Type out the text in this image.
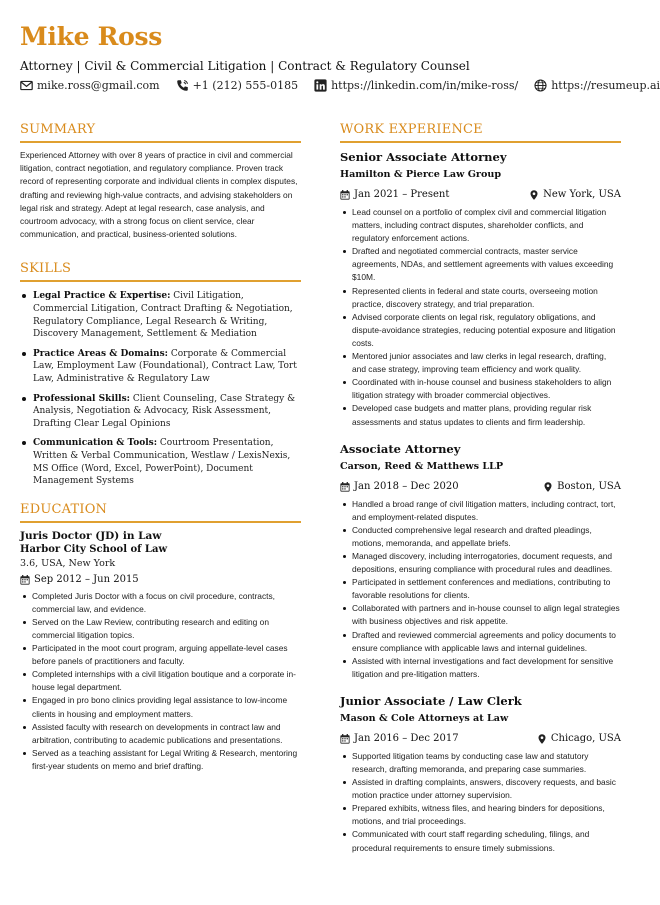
Mike Ross
Attorney | Civil & Commercial Litigation | Contract & Regulatory Counsel
mike.ross@gmail.com	+1 (212) 555-0185	https://linkedin.com/in/mike-ross/	https://resumeup.ai
SUMMARY

Experienced Attorney with over 8 years of practice in civil and commercial litigation, contract negotiation, and regulatory compliance. Proven track record of representing corporate and individual clients in complex disputes, drafting and reviewing high-value contracts, and advising stakeholders on legal risk and strategy. Adept at legal research, case analysis, and courtroom advocacy, with a strong focus on client service, clear communication, and practical, business-oriented solutions.

SKILLS
Legal Practice & Expertise: Civil Litigation, Commercial Litigation, Contract Drafting & Negotiation, Regulatory Compliance, Legal Research & Writing, Discovery Management, Settlement & Mediation
Practice Areas & Domains: Corporate & Commercial Law, Employment Law (Foundational), Contract Law, Tort Law, Administrative & Regulatory Law
Professional Skills: Client Counseling, Case Strategy & Analysis, Negotiation & Advocacy, Risk Assessment, Drafting Clear Legal Opinions
Communication & Tools: Courtroom Presentation, Written & Verbal Communication, Westlaw / LexisNexis, MS Office (Word, Excel, PowerPoint), Document Management Systems
EDUCATION
Juris Doctor (JD) in Law
Harbor City School of Law
3.6, USA, New York
Sep 2012 – Jun 2015
Completed Juris Doctor with a focus on civil procedure, contracts, commercial law, and evidence.
Served on the Law Review, contributing research and editing on commercial litigation topics.
Participated in the moot court program, arguing appellate-level cases before panels of practitioners and faculty.
Completed internships with a civil litigation boutique and a corporate in-house legal department.
Engaged in pro bono clinics providing legal assistance to low-income clients in housing and employment matters.
Assisted faculty with research on developments in contract law and arbitration, contributing to academic publications and presentations.
Served as a teaching assistant for Legal Writing & Research, mentoring first-year students on memo and brief drafting.
WORK EXPERIENCE
Senior Associate Attorney
Hamilton & Pierce Law Group
Jan 2021 – Present	New York, USA
Lead counsel on a portfolio of complex civil and commercial litigation matters, including contract disputes, shareholder conflicts, and regulatory enforcement actions.
Drafted and negotiated commercial contracts, master service agreements, NDAs, and settlement agreements with values exceeding $10M.
Represented clients in federal and state courts, overseeing motion practice, discovery strategy, and trial preparation.
Advised corporate clients on legal risk, regulatory obligations, and dispute-avoidance strategies, reducing potential exposure and litigation costs.
Mentored junior associates and law clerks in legal research, drafting, and case strategy, improving team efficiency and work quality.
Coordinated with in-house counsel and business stakeholders to align litigation strategy with broader commercial objectives.
Developed case budgets and matter plans, providing regular risk assessments and status updates to clients and firm leadership.
Associate Attorney
Carson, Reed & Matthews LLP
Jan 2018 – Dec 2020	Boston, USA
Handled a broad range of civil litigation matters, including contract, tort, and employment-related disputes.
Conducted comprehensive legal research and drafted pleadings, motions, memoranda, and appellate briefs.
Managed discovery, including interrogatories, document requests, and depositions, ensuring compliance with procedural rules and deadlines.
Participated in settlement conferences and mediations, contributing to favorable resolutions for clients.
Collaborated with partners and in-house counsel to align legal strategies with business objectives and risk appetite.
Drafted and reviewed commercial agreements and policy documents to ensure compliance with applicable laws and internal guidelines.
Assisted with internal investigations and fact development for sensitive litigation and pre-litigation matters.
Junior Associate / Law Clerk
Mason & Cole Attorneys at Law
Jan 2016 – Dec 2017	Chicago, USA
Supported litigation teams by conducting case law and statutory research, drafting memoranda, and preparing case summaries.
Assisted in drafting complaints, answers, discovery requests, and basic motion practice under attorney supervision.
Prepared exhibits, witness files, and hearing binders for depositions, motions, and trial proceedings.
Communicated with court staff regarding scheduling, filings, and procedural requirements to ensure timely submissions.
